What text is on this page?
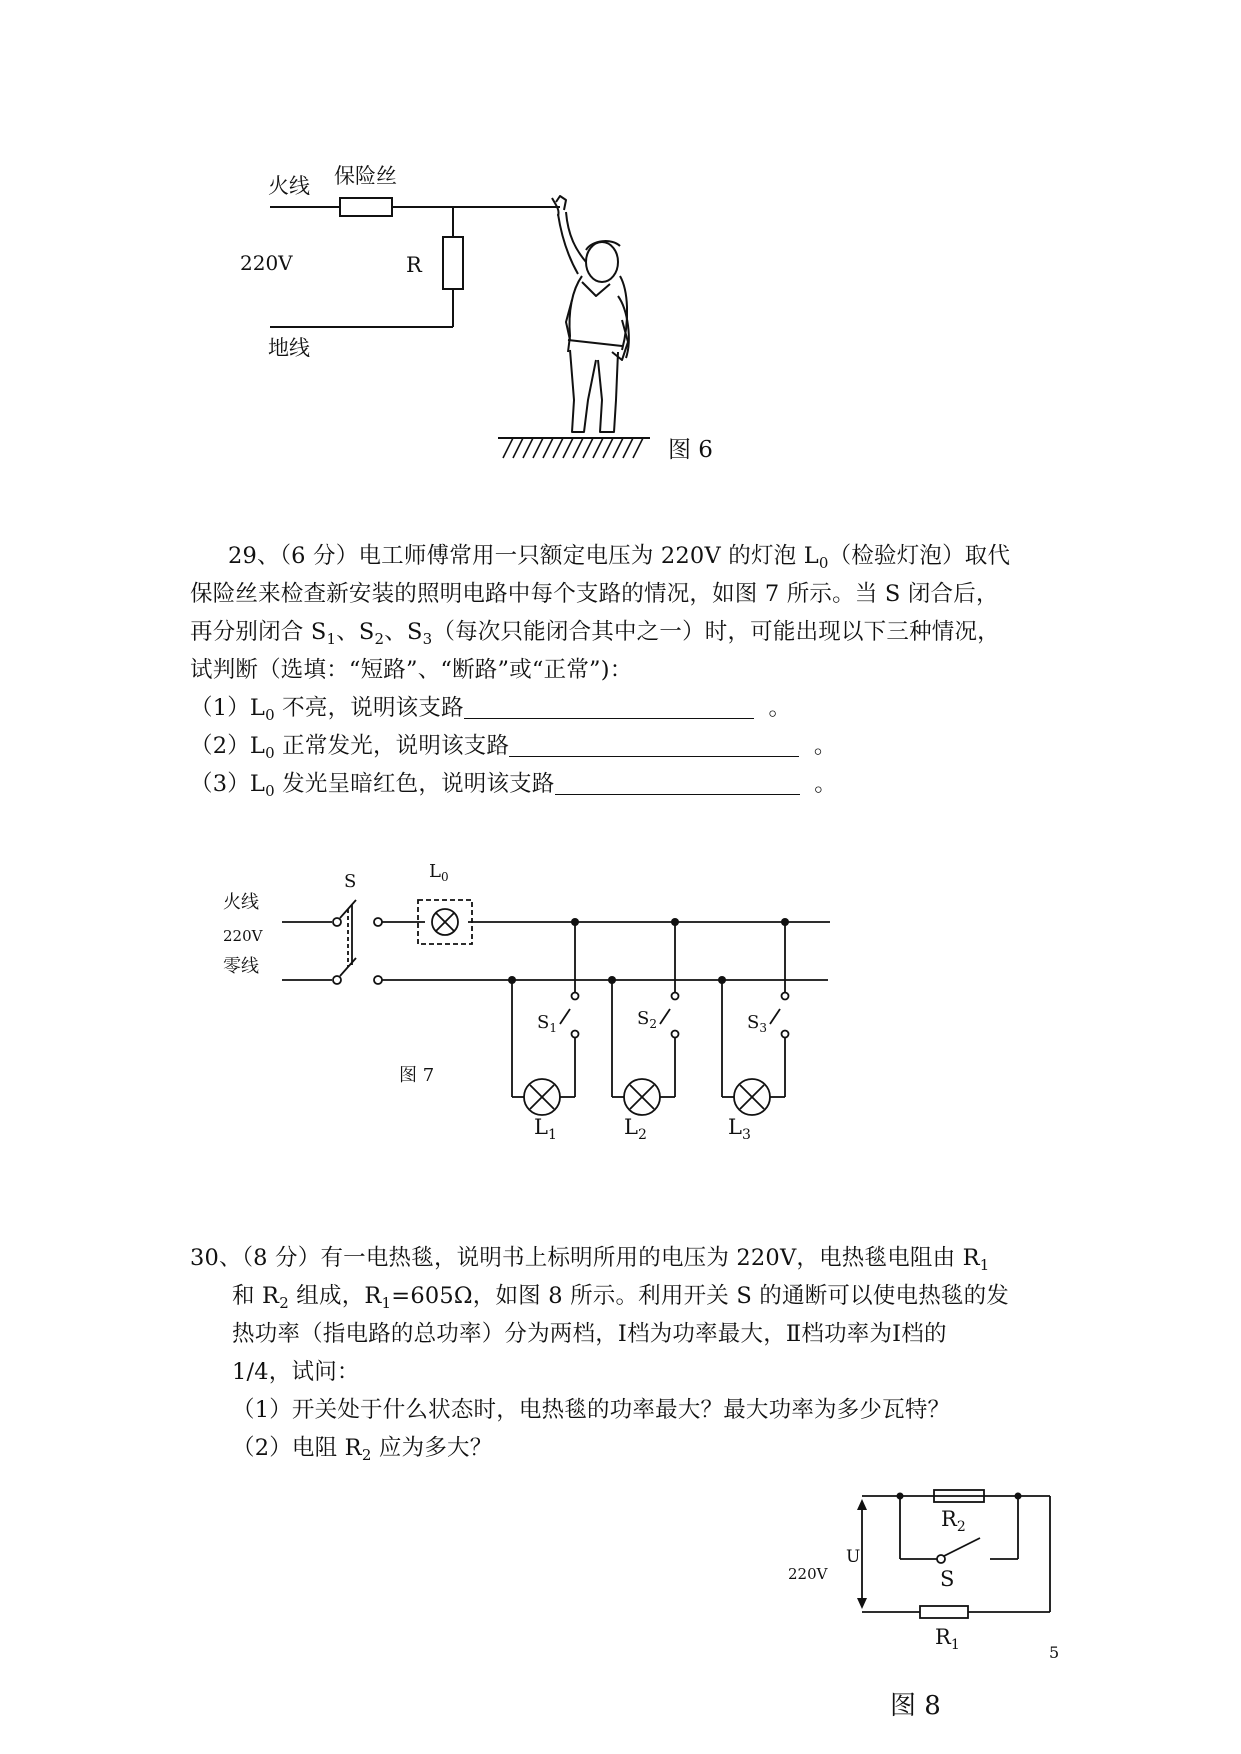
火线 保险丝
220V	R
地线
图 6
29、（6 分）电工师傅常用一只额定电压为 220V 的灯泡 $L_0$（检验灯泡）取代
保险丝来检查新安装的照明电路中每个支路的情况，如图 7 所示。当 S 闭合后，
再分别闭合 $S_1$、$S_2$、$S_3$（每次只能闭合其中之一）时，可能出现以下三种情况，
试判断（选填：“短路”、“断路”或“正常”)：
$(1)L_0$ 不亮，说明该支路	。
$(2)L_0$ 正常发光，说明该支路	。
$(3)L_0$ 发光呈暗红色，说明该支路	。
S	$L_0$
火线
220V
零线
$S_1$	$S_2$	$S_3$
$L_1$	$L_2$	$L_3$
图 7
30、（8 分）有一电热毯，说明书上标明所用的电压为 220V，电热毯电阻由 $R_1$
和 $R_2$ 组成，$R_1=605\Omega$，如图 8 所示。利用开关 S 的通断可以使电热毯的发
热功率（指电路的总功率）分为两档，Ⅰ档为功率最大，Ⅱ档功率为Ⅰ档的
1/4，试问：
（1）开关处于什么状态时，电热毯的功率最大？最大功率为多少瓦特？
（2）电阻 $R_2$ 应为多大？
$R_2$
S
U
220V
$R_1$
图 8
5
